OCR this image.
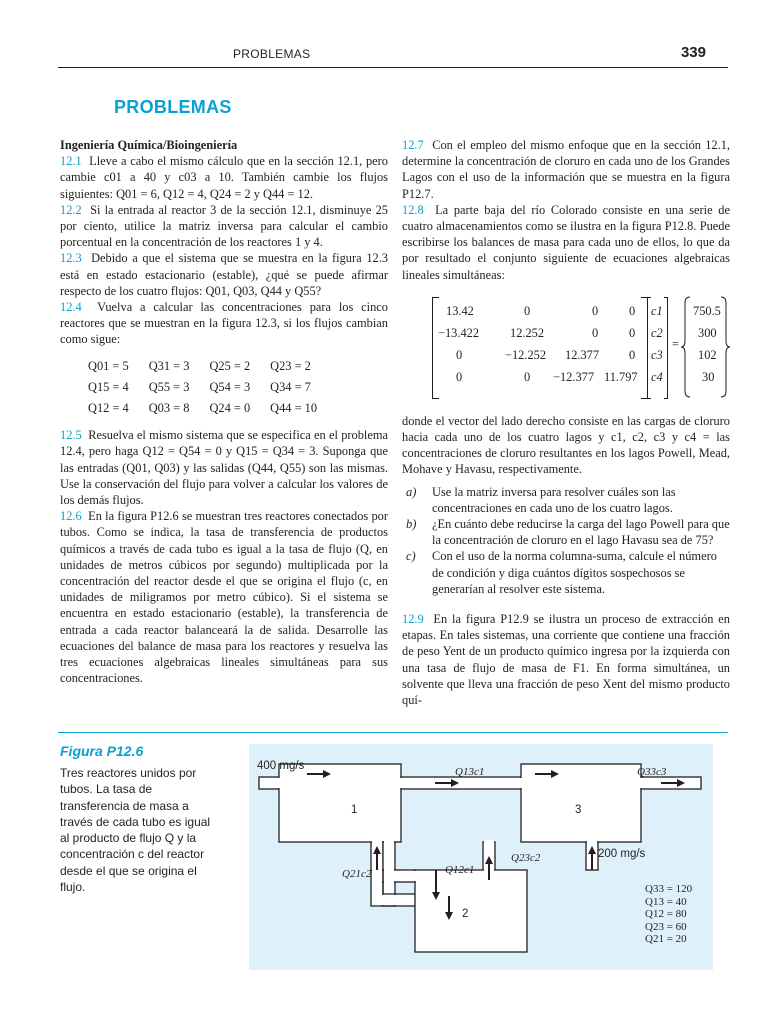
PROBLEMAS	339
PROBLEMAS

Ingeniería Química/Bioingeniería

12.1 Lleve a cabo el mismo cálculo que en la sección 12.1, pero cambie c01 a 40 y c03 a 10. También cambie los flujos siguientes: Q01 = 6, Q12 = 4, Q24 = 2 y Q44 = 12.

12.2 Si la entrada al reactor 3 de la sección 12.1, disminuye 25 por ciento, utilice la matriz inversa para calcular el cambio porcentual en la concentración de los reactores 1 y 4.

12.3 Debido a que el sistema que se muestra en la figura 12.3 está en estado estacionario (estable), ¿qué se puede afirmar respecto de los cuatro flujos: Q01, Q03, Q44 y Q55?

12.4 Vuelva a calcular las concentraciones para los cinco reactores que se muestran en la figura 12.3, si los flujos cambian como sigue:

Q01 = 5	Q31 = 3	Q25 = 2	Q23 = 2
Q15 = 4	Q55 = 3	Q54 = 3	Q34 = 7
Q12 = 4	Q03 = 8	Q24 = 0	Q44 = 10

12.5 Resuelva el mismo sistema que se especifica en el problema 12.4, pero haga Q12 = Q54 = 0 y Q15 = Q34 = 3. Suponga que las entradas (Q01, Q03) y las salidas (Q44, Q55) son las mismas. Use la conservación del flujo para volver a calcular los valores de los demás flujos.

12.6 En la figura P12.6 se muestran tres reactores conectados por tubos. Como se indica, la tasa de transferencia de productos químicos a través de cada tubo es igual a la tasa de flujo (Q, en unidades de metros cúbicos por segundo) multiplicada por la concentración del reactor desde el que se origina el flujo (c, en unidades de miligramos por metro cúbico). Si el sistema se encuentra en estado estacionario (estable), la transferencia de entrada a cada reactor balanceará la de salida. Desarrolle las ecuaciones del balance de masa para los reactores y resuelva las tres ecuaciones algebraicas lineales simultáneas para sus concentraciones.

12.7 Con el empleo del mismo enfoque que en la sección 12.1, determine la concentración de cloruro en cada uno de los Grandes Lagos con el uso de la información que se muestra en la figura P12.7.

12.8 La parte baja del río Colorado consiste en una serie de cuatro almacenamientos como se ilustra en la figura P12.8. Puede escribirse los balances de masa para cada uno de ellos, lo que da por resultado el conjunto siguiente de ecuaciones algebraicas lineales simultáneas:

13.42	0	0 0
−13.422 12.252	0 0
0	−12.252 12.377 0
0	0 −12.377 11.797
c1
c2
c3
c4
=
750.5
300
102
30

donde el vector del lado derecho consiste en las cargas de cloruro hacia cada uno de los cuatro lagos y c1, c2, c3 y c4 = las concentraciones de cloruro resultantes en los lagos Powell, Mead, Mohave y Havasu, respectivamente.

a)	Use la matriz inversa para resolver cuáles son las concentraciones en cada uno de los cuatro lagos.
b)	¿En cuánto debe reducirse la carga del lago Powell para que la concentración de cloruro en el lago Havasu sea de 75?
c)	Con el uso de la norma columna-suma, calcule el número de condición y diga cuántos dígitos sospechosos se generarían al resolver este sistema.

12.9 En la figura P12.9 se ilustra un proceso de extracción en etapas. En tales sistemas, una corriente que contiene una fracción de peso Yent de un producto químico ingresa por la izquierda con una tasa de flujo de masa de F1. En forma simultánea, un solvente que lleva una fracción de peso Xent del mismo producto quí-

Figura P12.6
Tres reactores unidos por tubos. La tasa de transferencia de masa a través de cada tubo es igual al producto de flujo Q y la concentración c del reactor desde el que se origina el flujo.
400 mg/s
200 mg/s
1
2
3
Q13c1	Q33c3
Q21c2	Q12c1
Q23c2
Q33 = 120
Q13 = 40
Q12 = 80
Q23 = 60
Q21 = 20
